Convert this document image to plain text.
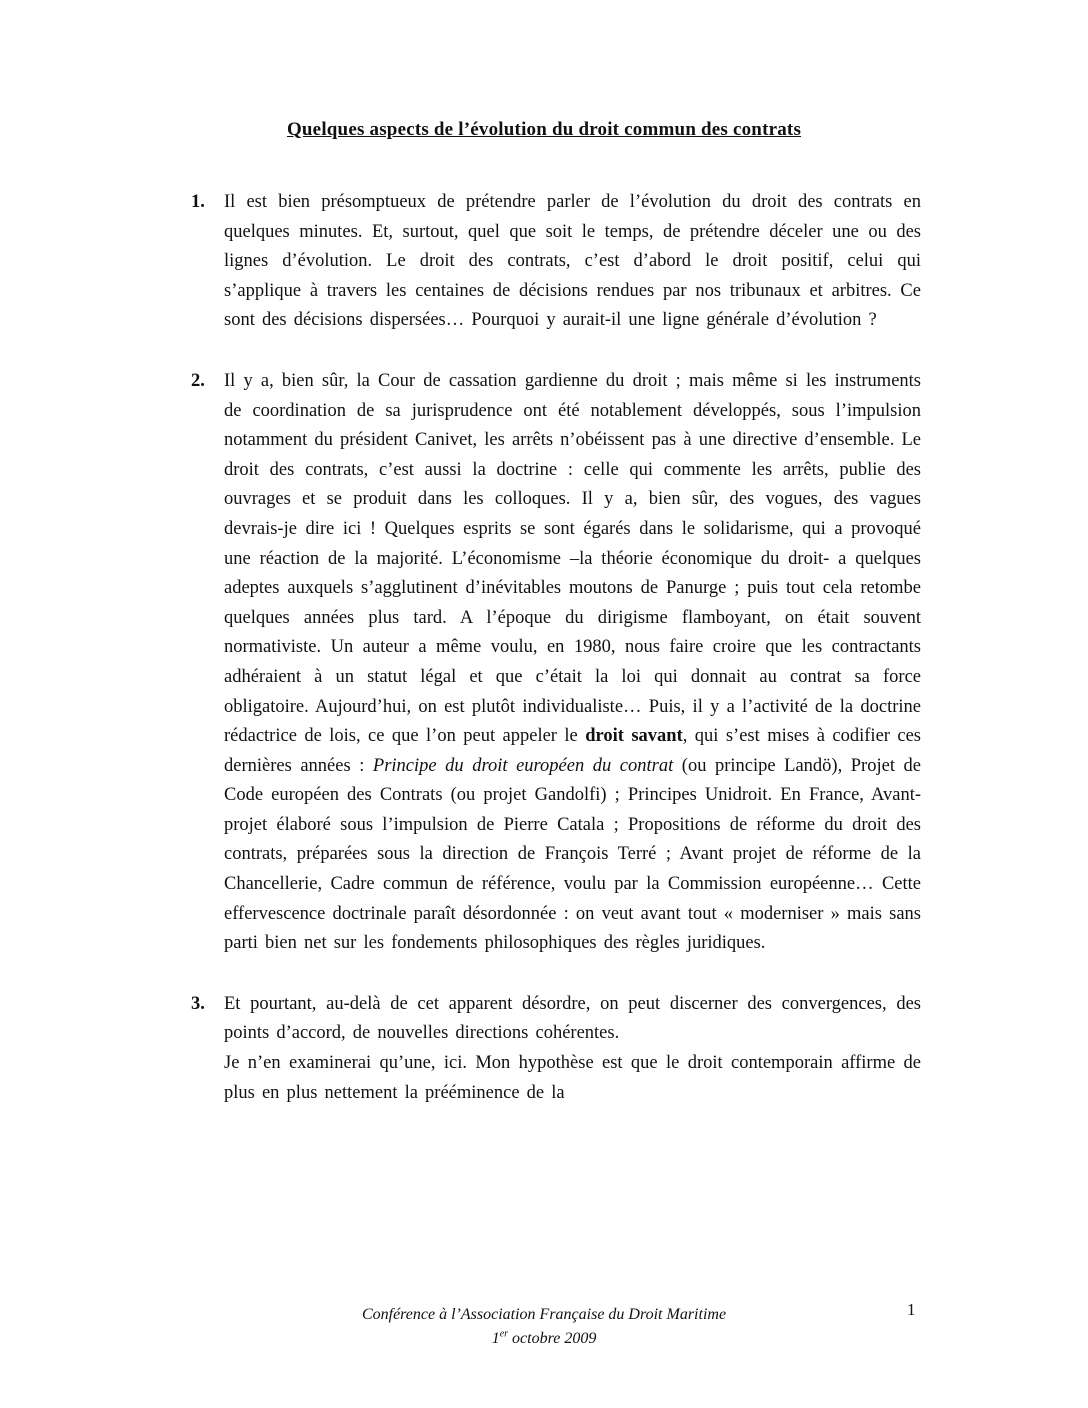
Quelques aspects de l’évolution du droit commun des contrats
1.	Il est bien présomptueux de prétendre parler de l’évolution du droit des contrats en quelques minutes. Et, surtout, quel que soit le temps, de prétendre déceler une ou des lignes d’évolution. Le droit des contrats, c’est d’abord le droit positif, celui qui s’applique à travers les centaines de décisions rendues par nos tribunaux et arbitres. Ce sont des décisions dispersées… Pourquoi y aurait-il une ligne générale d’évolution ?
2.	Il y a, bien sûr, la Cour de cassation gardienne du droit ; mais même si les instruments de coordination de sa jurisprudence ont été notablement développés, sous l’impulsion notamment du président Canivet, les arrêts n’obéissent pas à une directive d’ensemble. Le droit des contrats, c’est aussi la doctrine : celle qui commente les arrêts, publie des ouvrages et se produit dans les colloques. Il y a, bien sûr, des vogues, des vagues devrais-je dire ici ! Quelques esprits se sont égarés dans le solidarisme, qui a provoqué une réaction de la majorité. L’économisme –la théorie économique du droit- a quelques adeptes auxquels s’agglutinent d’inévitables moutons de Panurge ; puis tout cela retombe quelques années plus tard. A l’époque du dirigisme flamboyant, on était souvent normativiste. Un auteur a même voulu, en 1980, nous faire croire que les contractants adhéraient à un statut légal et que c’était la loi qui donnait au contrat sa force obligatoire. Aujourd’hui, on est plutôt individualiste… Puis, il y a l’activité de la doctrine rédactrice de lois, ce que l’on peut appeler le droit savant, qui s’est mises à codifier ces dernières années : Principe du droit européen du contrat (ou principe Landö), Projet de Code européen des Contrats (ou projet Gandolfi) ; Principes Unidroit. En France, Avant-projet élaboré sous l’impulsion de Pierre Catala ; Propositions de réforme du droit des contrats, préparées sous la direction de François Terré ; Avant projet de réforme de la Chancellerie, Cadre commun de référence, voulu par la Commission européenne… Cette effervescence doctrinale paraît désordonnée : on veut avant tout « moderniser » mais sans parti bien net sur les fondements philosophiques des règles juridiques.
3.	Et pourtant, au-delà de cet apparent désordre, on peut discerner des convergences, des points d’accord, de nouvelles directions cohérentes.
Je n’en examinerai qu’une, ici. Mon hypothèse est que le droit contemporain affirme de plus en plus nettement la prééminence de la
Conférence à l’Association Française du Droit Maritime
1er octobre 2009
1
